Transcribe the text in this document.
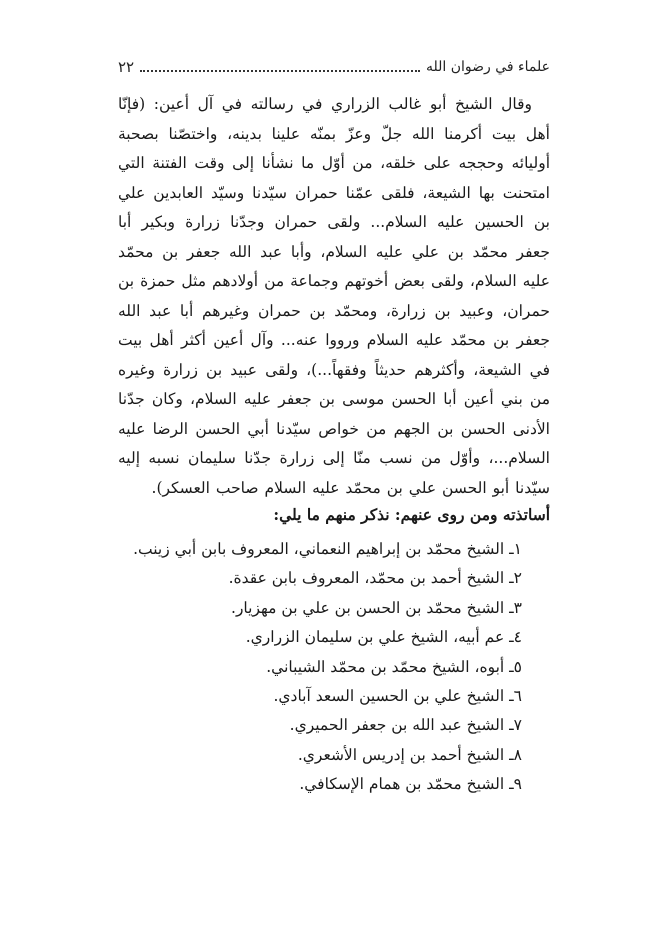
علماء في رضوان الله
٢٢

وقال الشيخ أبو غالب الزراري في رسالته في آل أعين: (فإنّا أهل بيت أكرمنا الله جلّ وعزّ بمنّه علينا بدينه، واختصّنا بصحبة أوليائه وحججه على خلقه، من أوّل ما نشأنا إلى وقت الفتنة التي امتحنت بها الشيعة، فلقى عمّنا حمران سيّدنا وسيّد العابدين علي بن الحسين عليه السلام... ولقى حمران وجدّنا زرارة وبكير أبا جعفر محمّد بن علي عليه السلام، وأبا عبد الله جعفر بن محمّد عليه السلام، ولقى بعض أخوتهم وجماعة من أولادهم مثل حمزة بن حمران، وعبيد بن زرارة، ومحمّد بن حمران وغيرهم أبا عبد الله جعفر بن محمّد عليه السلام ورووا عنه... وآل أعين أكثر أهل بيت في الشيعة، وأكثرهم حديثاً وفقهاً...)، ولقى عبيد بن زرارة وغيره من بني أعين أبا الحسن موسى بن جعفر عليه السلام، وكان جدّنا الأدنى الحسن بن الجهم من خواص سيّدنا أبي الحسن الرضا عليه السلام...، وأوّل من نسب منّا إلى زرارة جدّنا سليمان نسبه إليه سيّدنا أبو الحسن علي بن محمّد عليه السلام صاحب العسكر).

أساتذته ومن روى عنهم: نذكر منهم ما يلي:
١ـ الشيخ محمّد بن إبراهيم النعماني، المعروف بابن أبي زينب.
٢ـ الشيخ أحمد بن محمّد، المعروف بابن عقدة.
٣ـ الشيخ محمّد بن الحسن بن علي بن مهزيار.
٤ـ عم أبيه، الشيخ علي بن سليمان الزراري.
٥ـ أبوه، الشيخ محمّد بن محمّد الشيباني.
٦ـ الشيخ علي بن الحسين السعد آبادي.
٧ـ الشيخ عبد الله بن جعفر الحميري.
٨ـ الشيخ أحمد بن إدريس الأشعري.
٩ـ الشيخ محمّد بن همام الإسكافي.
